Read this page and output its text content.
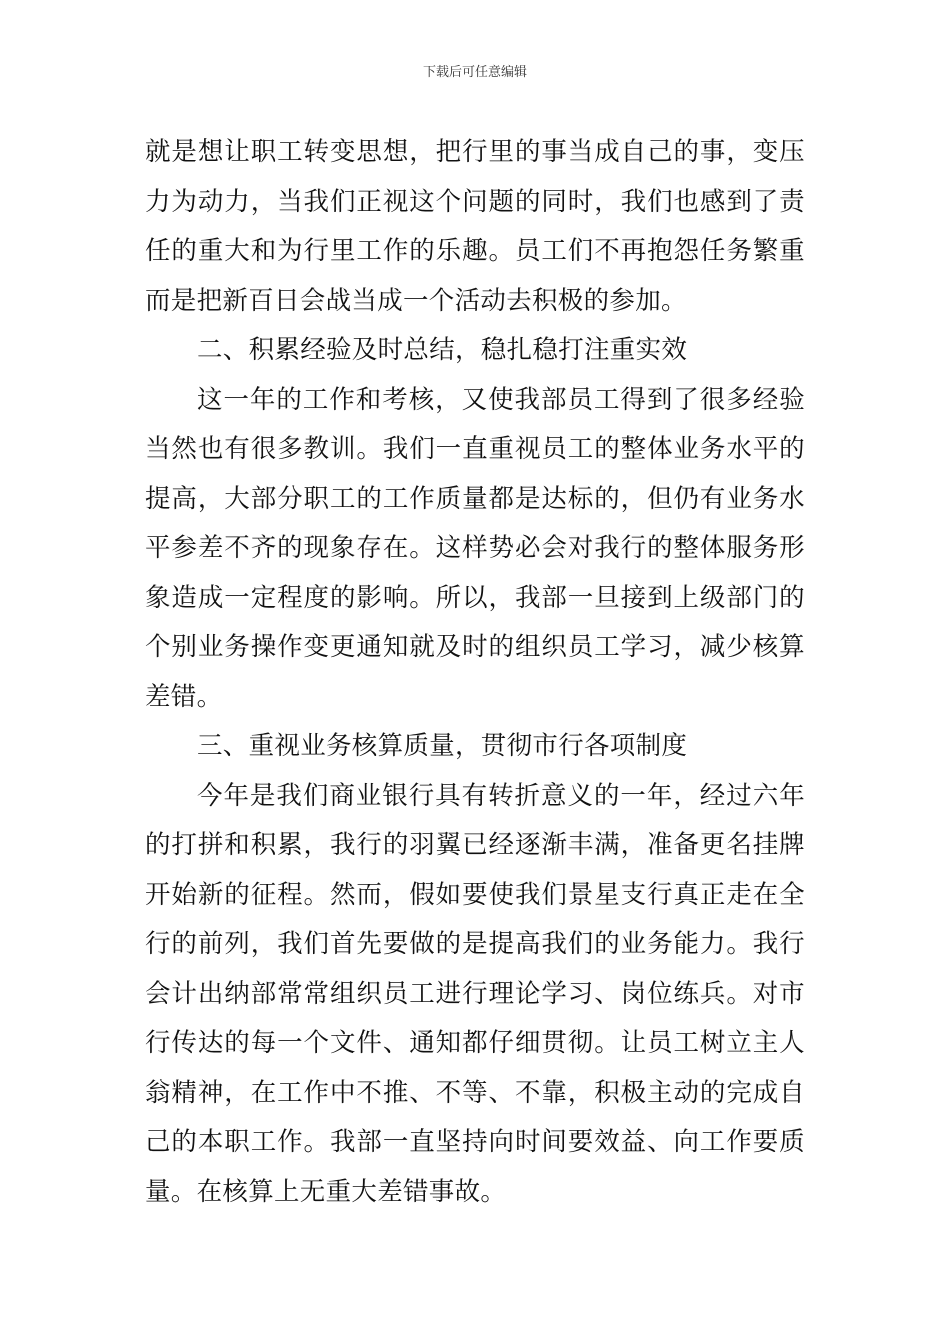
下载后可任意编辑
就是想让职工转变思想，把行里的事当成自己的事，变压
力为动力，当我们正视这个问题的同时，我们也感到了责
任的重大和为行里工作的乐趣。员工们不再抱怨任务繁重
而是把新百日会战当成一个活动去积极的参加。
二、积累经验及时总结，稳扎稳打注重实效
这一年的工作和考核，又使我部员工得到了很多经验
当然也有很多教训。我们一直重视员工的整体业务水平的
提高，大部分职工的工作质量都是达标的，但仍有业务水
平参差不齐的现象存在。这样势必会对我行的整体服务形
象造成一定程度的影响。所以，我部一旦接到上级部门的
个别业务操作变更通知就及时的组织员工学习，减少核算
差错。
三、重视业务核算质量，贯彻市行各项制度
今年是我们商业银行具有转折意义的一年，经过六年
的打拼和积累，我行的羽翼已经逐渐丰满，准备更名挂牌
开始新的征程。然而，假如要使我们景星支行真正走在全
行的前列，我们首先要做的是提高我们的业务能力。我行
会计出纳部常常组织员工进行理论学习、岗位练兵。对市
行传达的每一个文件、通知都仔细贯彻。让员工树立主人
翁精神，在工作中不推、不等、不靠，积极主动的完成自
己的本职工作。我部一直坚持向时间要效益、向工作要质
量。在核算上无重大差错事故。
